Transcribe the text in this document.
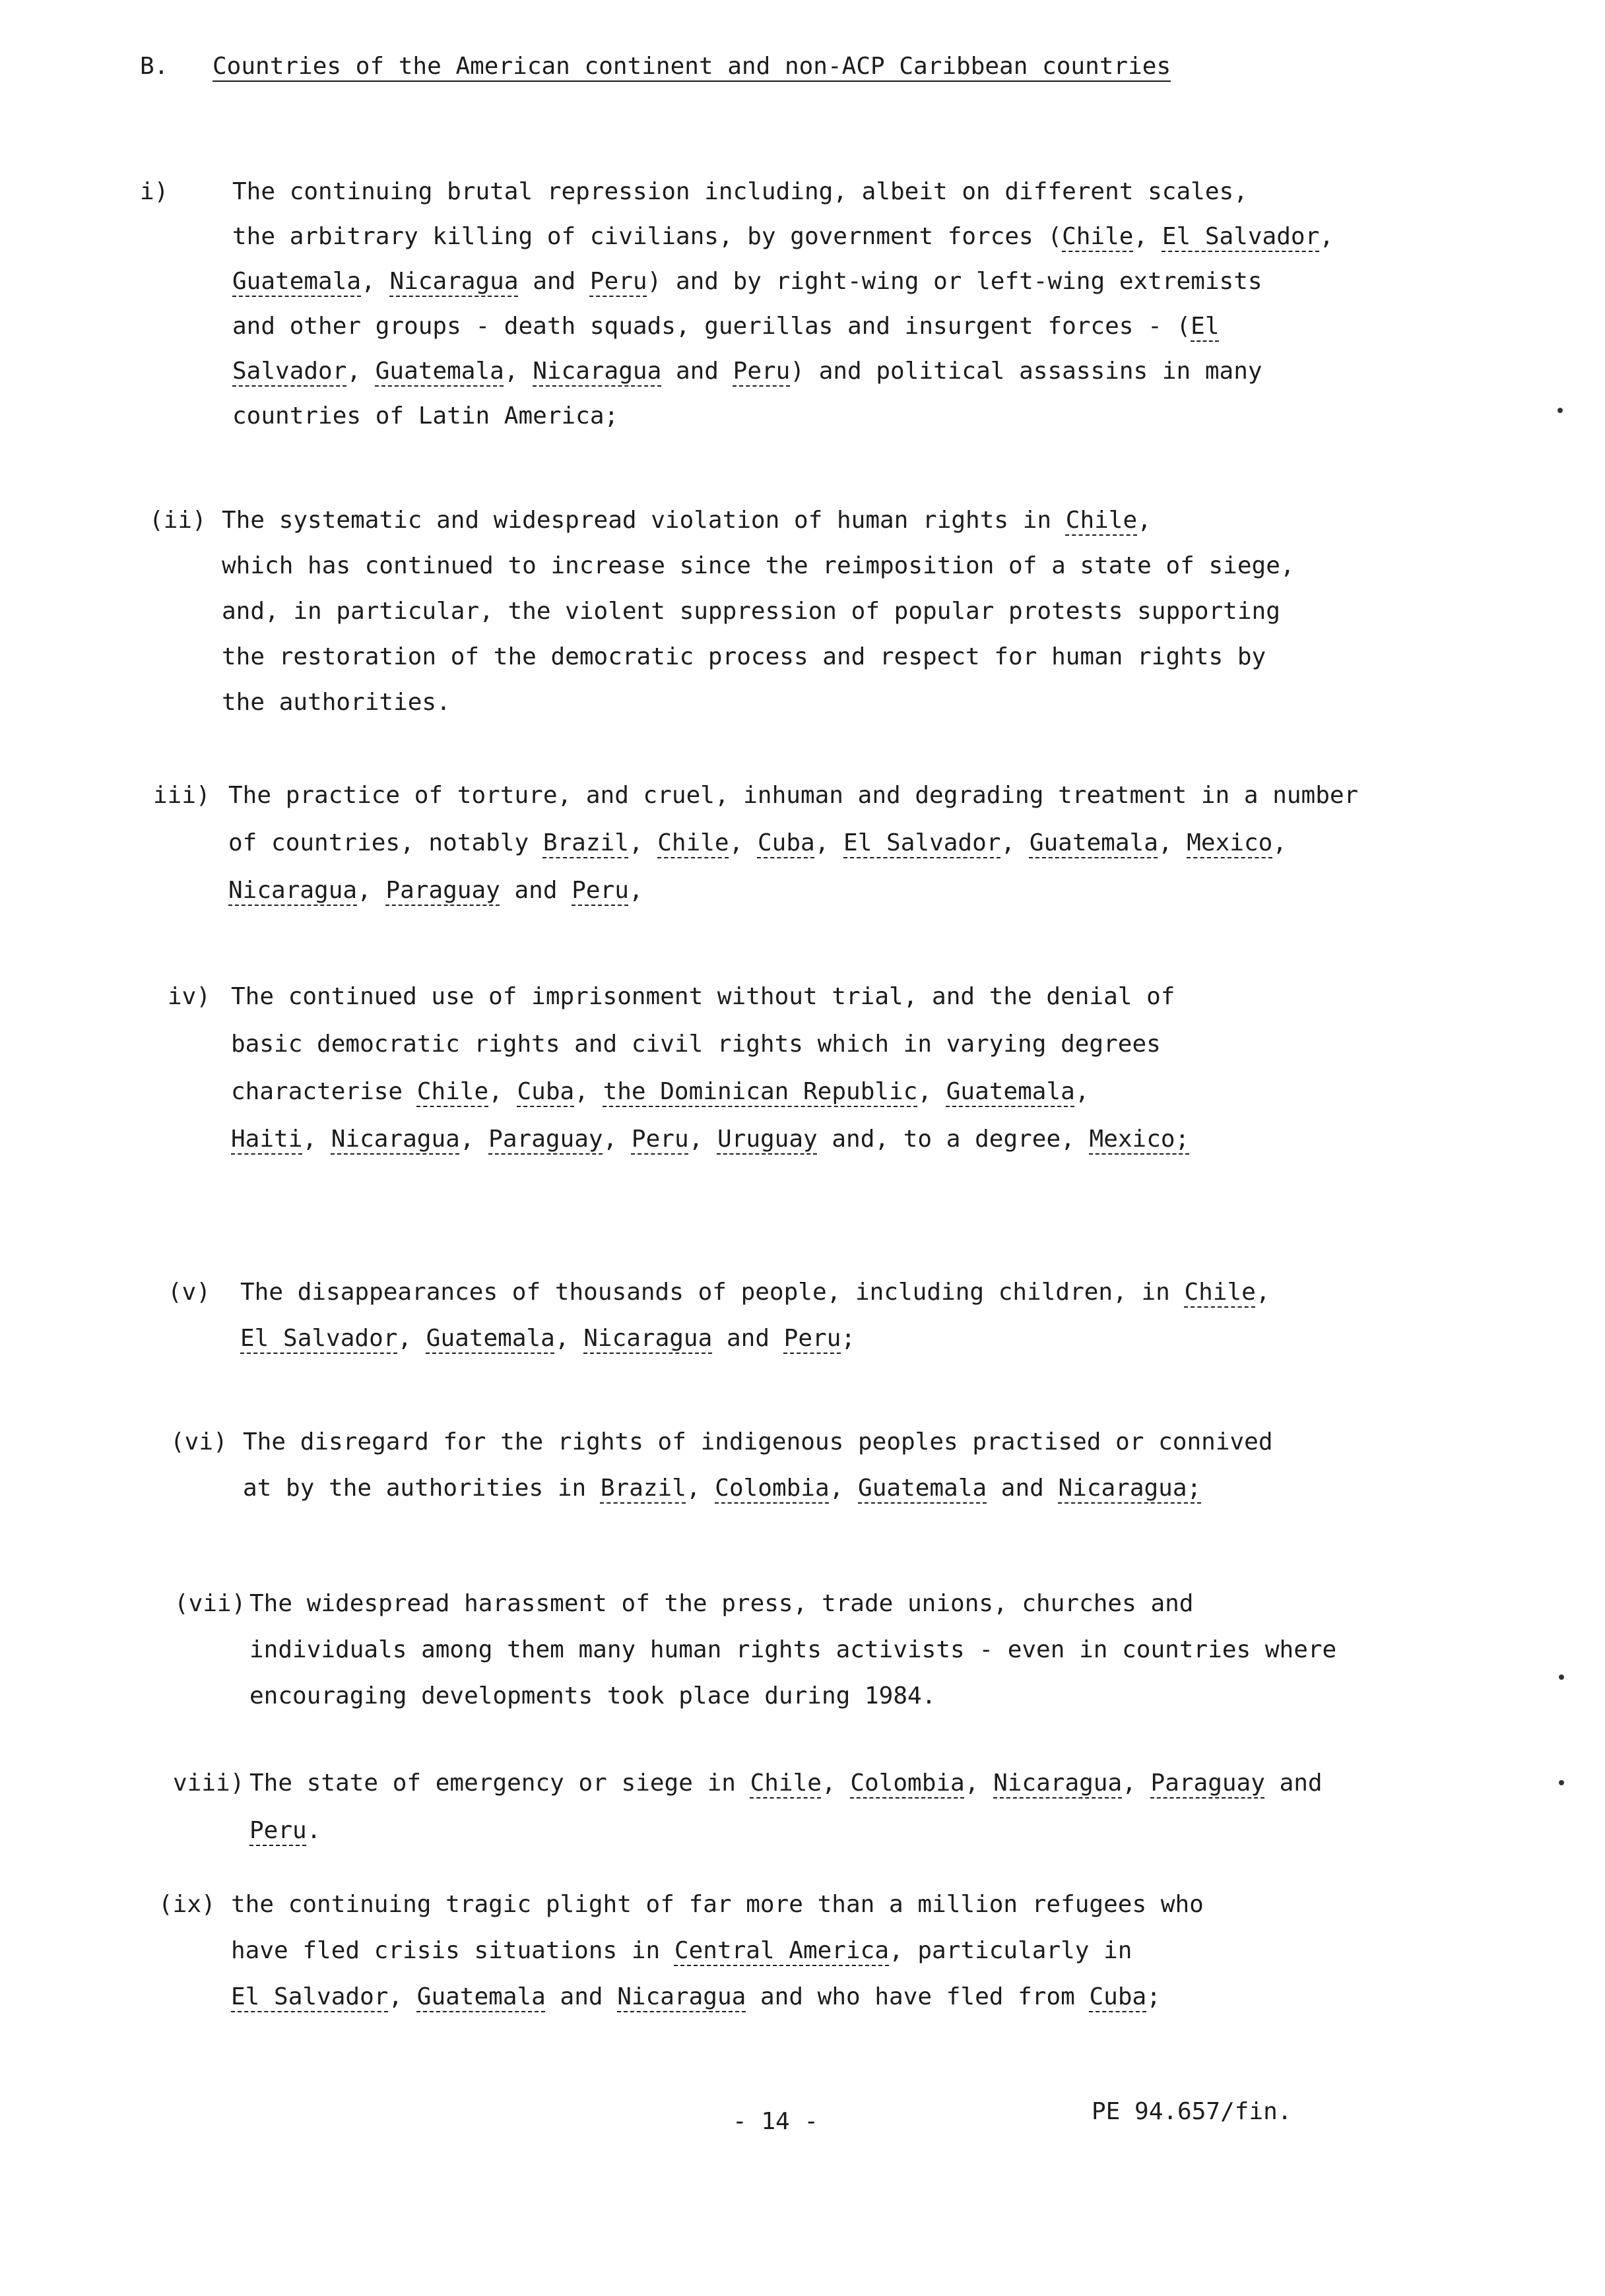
B. Countries of the American continent and non-ACP Caribbean countries
i)	The continuing brutal repression including, albeit on different scales,
the arbitrary killing of civilians, by government forces (Chile, El Salvador,
Guatemala, Nicaragua and Peru) and by right-wing or left-wing extremists
and other groups - death squads, guerillas and insurgent forces - (El
Salvador, Guatemala, Nicaragua and Peru) and political assassins in many
countries of Latin America;
(ii) The systematic and widespread violation of human rights in Chile,
which has continued to increase since the reimposition of a state of siege,
and, in particular, the violent suppression of popular protests supporting
the restoration of the democratic process and respect for human rights by
the authorities.
iii) The practice of torture, and cruel, inhuman and degrading treatment in a number
of countries, notably Brazil, Chile, Cuba, El Salvador, Guatemala, Mexico,
Nicaragua, Paraguay and Peru,
iv) The continued use of imprisonment without trial, and the denial of
basic democratic rights and civil rights which in varying degrees
characterise Chile, Cuba, the Dominican Republic, Guatemala,
Haiti, Nicaragua, Paraguay, Peru, Uruguay and, to a degree, Mexico;
(v) The disappearances of thousands of people, including children, in Chile,
El Salvador, Guatemala, Nicaragua and Peru;
(vi) The disregard for the rights of indigenous peoples practised or connived
at by the authorities in Brazil, Colombia, Guatemala and Nicaragua;
(vii) The widespread harassment of the press, trade unions, churches and
individuals among them many human rights activists - even in countries where
encouraging developments took place during 1984.
viii) The state of emergency or siege in Chile, Colombia, Nicaragua, Paraguay and
Peru.
(ix) the continuing tragic plight of far more than a million refugees who
have fled crisis situations in Central America, particularly in
El Salvador, Guatemala and Nicaragua and who have fled from Cuba;
- 14 -	PE 94.657/fin.
